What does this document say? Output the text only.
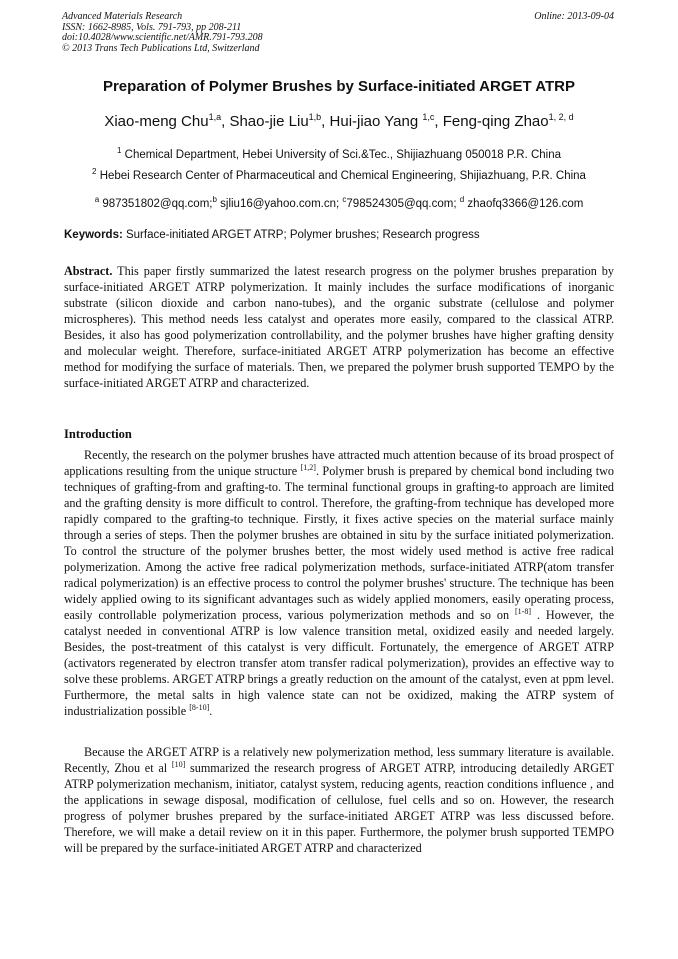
Advanced Materials Research
ISSN: 1662-8985, Vols. 791-793, pp 208-211
doi:10.4028/www.scientific.net/AMR.791-793.208
© 2013 Trans Tech Publications Ltd, Switzerland
Online: 2013-09-04
Preparation of Polymer Brushes by Surface-initiated ARGET ATRP
Xiao-meng Chu$^{1,a}$, Shao-jie Liu$^{1,b}$, Hui-jiao Yang $^{1,c}$, Feng-qing Zhao$^{1, 2, d}$
$^1$ Chemical Department, Hebei University of Sci.&Tec., Shijiazhuang 050018 P.R. China
$^2$ Hebei Research Center of Pharmaceutical and Chemical Engineering, Shijiazhuang, P.R. China
$^a$ 987351802@qq.com;$^b$ sjliu16@yahoo.com.cn; $^c$798524305@qq.com; $^d$ zhaofq3366@126.com
Keywords: Surface-initiated ARGET ATRP; Polymer brushes; Research progress
Abstract. This paper firstly summarized the latest research progress on the polymer brushes preparation by surface-initiated ARGET ATRP polymerization. It mainly includes the surface modifications of inorganic substrate (silicon dioxide and carbon nano-tubes), and the organic substrate (cellulose and polymer microspheres). This method needs less catalyst and operates more easily, compared to the classical ATRP. Besides, it also has good polymerization controllability, and the polymer brushes have higher grafting density and molecular weight. Therefore, surface-initiated ARGET ATRP polymerization has become an effective method for modifying the surface of materials. Then, we prepared the polymer brush supported TEMPO by the surface-initiated ARGET ATRP and characterized.
Introduction
Recently, the research on the polymer brushes have attracted much attention because of its broad prospect of applications resulting from the unique structure [1,2]. Polymer brush is prepared by chemical bond including two techniques of grafting-from and grafting-to. The terminal functional groups in grafting-to approach are limited and the grafting density is more difficult to control. Therefore, the grafting-from technique has developed more rapidly compared to the grafting-to technique. Firstly, it fixes active species on the material surface mainly through a series of steps. Then the polymer brushes are obtained in situ by the surface initiated polymerization. To control the structure of the polymer brushes better, the most widely used method is active free radical polymerization. Among the active free radical polymerization methods, surface-initiated ATRP(atom transfer radical polymerization) is an effective process to control the polymer brushes' structure. The technique has been widely applied owing to its significant advantages such as widely applied monomers, easily operating process, easily controllable polymerization process, various polymerization methods and so on [1-8] . However, the catalyst needed in conventional ATRP is low valence transition metal, oxidized easily and needed largely. Besides, the post-treatment of this catalyst is very difficult. Fortunately, the emergence of ARGET ATRP (activators regenerated by electron transfer atom transfer radical polymerization), provides an effective way to solve these problems. ARGET ATRP brings a greatly reduction on the amount of the catalyst, even at ppm level. Furthermore, the metal salts in high valence state can not be oxidized, making the ATRP system of industrialization possible [8-10].
Because the ARGET ATRP is a relatively new polymerization method, less summary literature is available. Recently, Zhou et al [10] summarized the research progress of ARGET ATRP, introducing detailedly ARGET ATRP polymerization mechanism, initiator, catalyst system, reducing agents, reaction conditions influence , and the applications in sewage disposal, modification of cellulose, fuel cells and so on. However, the research progress of polymer brushes prepared by the surface-initiated ARGET ATRP was less discussed before. Therefore, we will make a detail review on it in this paper. Furthermore, the polymer brush supported TEMPO will be prepared by the surface-initiated ARGET ATRP and characterized
